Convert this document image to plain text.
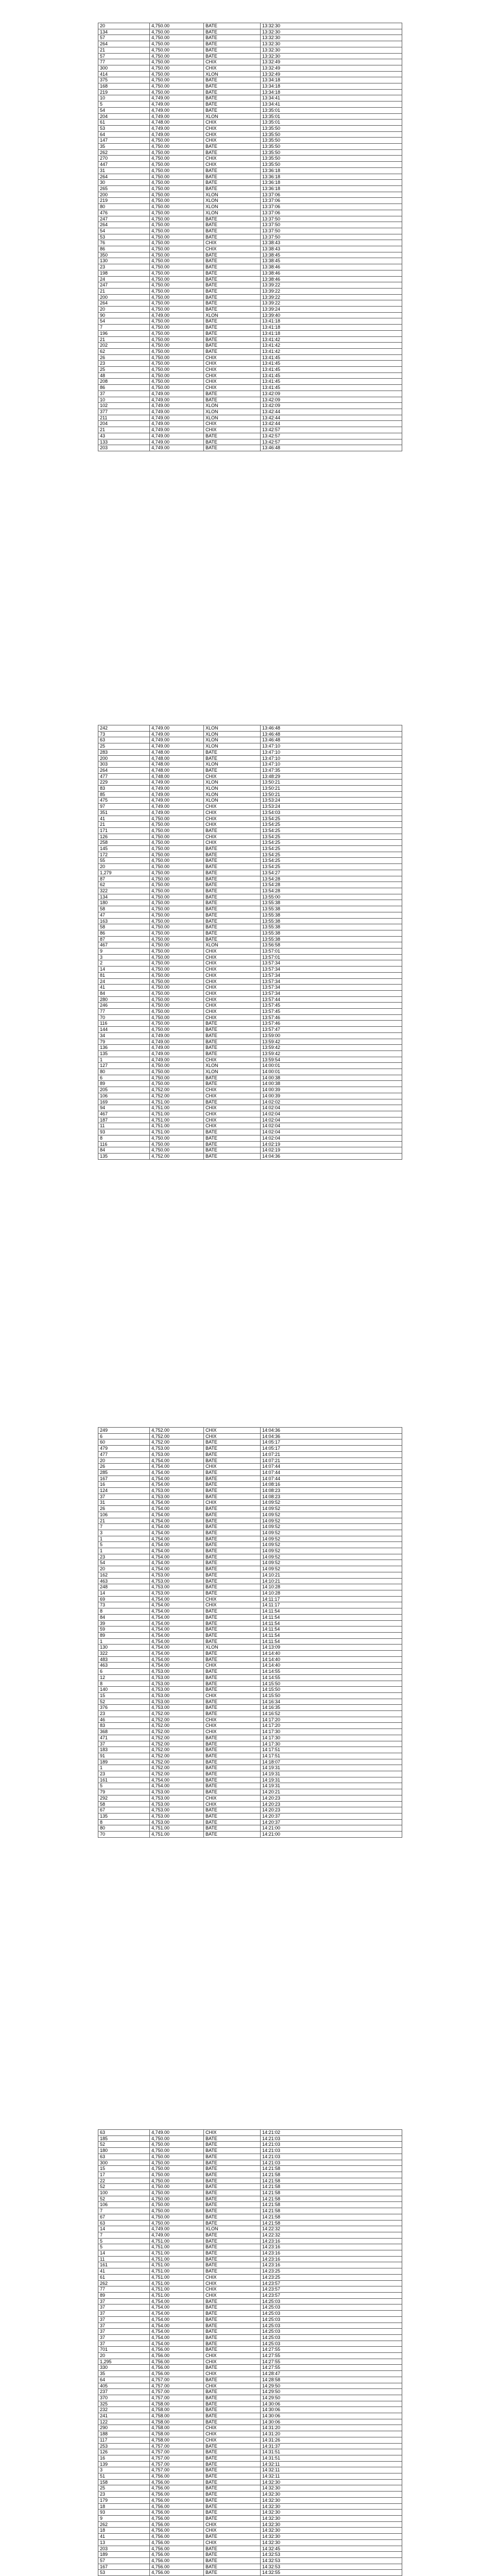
20	4,750.00	BATE	13:32:30
134	4,750.00	BATE	13:32:30
57	4,750.00	BATE	13:32:30
264	4,750.00	BATE	13:32:30
21	4,750.00	BATE	13:32:30
57	4,750.00	BATE	13:32:30
77	4,750.00	CHIX	13:32:49
300	4,750.00	CHIX	13:32:49
414	4,750.00	XLON	13:32:49
375	4,750.00	BATE	13:34:18
168	4,750.00	BATE	13:34:18
219	4,750.00	BATE	13:34:18
10	4,749.00	BATE	13:34:41
5	4,749.00	BATE	13:34:41
54	4,749.00	BATE	13:35:01
204	4,749.00	XLON	13:35:01
61	4,748.00	CHIX	13:35:01
53	4,749.00	CHIX	13:35:50
64	4,749.00	CHIX	13:35:50
147	4,750.00	CHIX	13:35:50
35	4,750.00	BATE	13:35:50
262	4,750.00	BATE	13:35:50
270	4,750.00	CHIX	13:35:50
447	4,750.00	CHIX	13:35:50
31	4,750.00	BATE	13:36:18
264	4,750.00	BATE	13:36:18
30	4,750.00	BATE	13:36:18
265	4,750.00	BATE	13:36:18
200	4,750.00	XLON	13:37:06
219	4,750.00	XLON	13:37:06
80	4,750.00	XLON	13:37:06
476	4,750.00	XLON	13:37:06
247	4,750.00	BATE	13:37:50
264	4,750.00	BATE	13:37:50
54	4,750.00	BATE	13:37:50
53	4,750.00	BATE	13:37:50
76	4,750.00	CHIX	13:38:43
86	4,750.00	CHIX	13:38:43
350	4,750.00	BATE	13:38:45
130	4,750.00	BATE	13:38:45
23	4,750.00	BATE	13:38:46
198	4,750.00	BATE	13:38:46
24	4,750.00	BATE	13:38:46
247	4,750.00	BATE	13:39:22
21	4,750.00	BATE	13:39:22
200	4,750.00	BATE	13:39:22
264	4,750.00	BATE	13:39:22
20	4,750.00	BATE	13:39:24
90	4,749.00	XLON	13:39:40
54	4,750.00	BATE	13:41:18
7	4,750.00	BATE	13:41:18
196	4,750.00	BATE	13:41:18
21	4,750.00	BATE	13:41:42
202	4,750.00	BATE	13:41:42
62	4,750.00	BATE	13:41:42
26	4,750.00	CHIX	13:41:45
23	4,750.00	CHIX	13:41:45
25	4,750.00	CHIX	13:41:45
48	4,750.00	CHIX	13:41:45
208	4,750.00	CHIX	13:41:45
86	4,750.00	CHIX	13:41:45
37	4,749.00	BATE	13:42:09
10	4,749.00	BATE	13:42:09
102	4,749.00	XLON	13:42:09
377	4,749.00	XLON	13:42:44
211	4,749.00	XLON	13:42:44
204	4,749.00	CHIX	13:42:44
21	4,749.00	CHIX	13:42:57
43	4,749.00	BATE	13:42:57
133	4,749.00	BATE	13:42:57
203	4,749.00	BATE	13:46:48
242	4,749.00	XLON	13:46:48
73	4,749.00	XLON	13:46:48
63	4,749.00	XLON	13:46:48
25	4,749.00	XLON	13:47:10
283	4,748.00	BATE	13:47:10
200	4,748.00	BATE	13:47:10
303	4,748.00	XLON	13:47:10
264	4,748.00	BATE	13:47:35
477	4,748.00	CHIX	13:48:29
229	4,749.00	XLON	13:50:21
83	4,749.00	XLON	13:50:21
85	4,749.00	XLON	13:50:21
475	4,749.00	XLON	13:53:24
97	4,749.00	CHIX	13:53:24
351	4,749.00	CHIX	13:54:03
41	4,750.00	CHIX	13:54:25
21	4,750.00	CHIX	13:54:25
171	4,750.00	BATE	13:54:25
126	4,750.00	CHIX	13:54:25
258	4,750.00	CHIX	13:54:25
145	4,750.00	BATE	13:54:25
172	4,750.00	BATE	13:54:25
55	4,750.00	BATE	13:54:25
20	4,750.00	BATE	13:54:25
1,279	4,750.00	BATE	13:54:27
87	4,750.00	BATE	13:54:28
62	4,750.00	BATE	13:54:28
322	4,750.00	BATE	13:54:28
134	4,750.00	BATE	13:55:00
180	4,750.00	BATE	13:55:38
58	4,750.00	BATE	13:55:38
47	4,750.00	BATE	13:55:38
163	4,750.00	BATE	13:55:38
58	4,750.00	BATE	13:55:38
86	4,750.00	BATE	13:55:38
87	4,750.00	BATE	13:55:38
467	4,750.00	XLON	13:56:58
9	4,750.00	CHIX	13:57:01
3	4,750.00	CHIX	13:57:01
2	4,750.00	CHIX	13:57:34
14	4,750.00	CHIX	13:57:34
81	4,750.00	CHIX	13:57:34
24	4,750.00	CHIX	13:57:34
41	4,750.00	CHIX	13:57:34
84	4,750.00	CHIX	13:57:34
280	4,750.00	CHIX	13:57:44
246	4,750.00	CHIX	13:57:45
77	4,750.00	CHIX	13:57:45
70	4,750.00	CHIX	13:57:46
116	4,750.00	BATE	13:57:46
144	4,750.00	BATE	13:57:47
34	4,749.00	BATE	13:59:00
79	4,749.00	BATE	13:59:42
136	4,749.00	BATE	13:59:42
135	4,749.00	BATE	13:59:42
1	4,749.00	CHIX	13:59:54
127	4,750.00	XLON	14:00:01
80	4,750.00	XLON	14:00:01
6	4,750.00	BATE	14:00:38
89	4,750.00	BATE	14:00:38
205	4,752.00	CHIX	14:00:39
106	4,752.00	CHIX	14:00:39
169	4,751.00	BATE	14:02:02
94	4,751.00	CHIX	14:02:04
467	4,751.00	CHIX	14:02:04
187	4,751.00	CHIX	14:02:04
11	4,751.00	CHIX	14:02:04
93	4,751.00	BATE	14:02:04
8	4,750.00	BATE	14:02:04
116	4,750.00	BATE	14:02:19
84	4,750.00	BATE	14:02:19
135	4,752.00	BATE	14:04:36
249	4,752.00	CHIX	14:04:36
6	4,752.00	CHIX	14:04:36
60	4,752.00	BATE	14:05:17
479	4,753.00	BATE	14:05:17
477	4,753.00	BATE	14:07:21
20	4,754.00	BATE	14:07:21
26	4,754.00	CHIX	14:07:44
285	4,754.00	BATE	14:07:44
167	4,754.00	BATE	14:07:44
16	4,754.00	BATE	14:08:16
124	4,753.00	BATE	14:08:23
37	4,753.00	BATE	14:08:23
31	4,754.00	CHIX	14:09:52
26	4,754.00	BATE	14:09:52
106	4,754.00	BATE	14:09:52
21	4,754.00	BATE	14:09:52
7	4,754.00	BATE	14:09:52
3	4,754.00	BATE	14:09:52
1	4,754.00	BATE	14:09:52
5	4,754.00	BATE	14:09:52
1	4,754.00	BATE	14:09:52
23	4,754.00	BATE	14:09:52
54	4,754.00	BATE	14:09:52
20	4,754.00	BATE	14:09:52
162	4,753.00	BATE	14:10:21
463	4,753.00	BATE	14:10:21
248	4,753.00	BATE	14:10:28
14	4,753.00	BATE	14:10:28
69	4,754.00	CHIX	14:11:17
73	4,754.00	CHIX	14:11:17
8	4,754.00	BATE	14:11:54
84	4,754.00	BATE	14:11:54
39	4,754.00	BATE	14:11:54
59	4,754.00	BATE	14:11:54
89	4,754.00	BATE	14:11:54
1	4,754.00	BATE	14:11:54
130	4,754.00	XLON	14:13:09
322	4,754.00	BATE	14:14:40
483	4,754.00	BATE	14:14:40
463	4,754.00	CHIX	14:14:40
6	4,753.00	BATE	14:14:55
12	4,753.00	BATE	14:14:55
8	4,753.00	BATE	14:15:50
140	4,753.00	BATE	14:15:50
15	4,753.00	CHIX	14:15:50
52	4,753.00	BATE	14:16:34
376	4,753.00	BATE	14:16:35
23	4,752.00	BATE	14:16:52
46	4,752.00	CHIX	14:17:20
83	4,752.00	CHIX	14:17:20
368	4,752.00	CHIX	14:17:30
471	4,752.00	BATE	14:17:30
37	4,752.00	BATE	14:17:30
183	4,752.00	BATE	14:17:51
91	4,752.00	BATE	14:17:51
189	4,752.00	BATE	14:18:07
1	4,752.00	BATE	14:19:31
23	4,752.00	BATE	14:19:31
161	4,754.00	BATE	14:19:31
5	4,754.00	BATE	14:19:31
79	4,753.00	BATE	14:20:21
292	4,753.00	CHIX	14:20:23
58	4,753.00	CHIX	14:20:23
67	4,753.00	BATE	14:20:23
135	4,753.00	BATE	14:20:37
8	4,753.00	BATE	14:20:37
80	4,751.00	BATE	14:21:00
70	4,751.00	BATE	14:21:00
63	4,749.00	CHIX	14:21:02
185	4,750.00	BATE	14:21:03
52	4,750.00	BATE	14:21:03
180	4,750.00	BATE	14:21:03
63	4,750.00	BATE	14:21:03
300	4,750.00	BATE	14:21:03
15	4,750.00	BATE	14:21:58
17	4,750.00	BATE	14:21:58
22	4,750.00	BATE	14:21:58
52	4,750.00	BATE	14:21:58
100	4,750.00	BATE	14:21:58
52	4,750.00	BATE	14:21:58
106	4,750.00	BATE	14:21:58
7	4,750.00	BATE	14:21:58
67	4,750.00	BATE	14:21:58
63	4,750.00	BATE	14:21:58
14	4,749.00	XLON	14:22:32
7	4,749.00	BATE	14:22:32
5	4,751.00	BATE	14:23:16
5	4,751.00	BATE	14:23:16
14	4,751.00	BATE	14:23:16
11	4,751.00	BATE	14:23:16
161	4,751.00	BATE	14:23:16
41	4,751.00	BATE	14:23:25
61	4,751.00	CHIX	14:23:25
262	4,751.00	CHIX	14:23:57
77	4,751.00	CHIX	14:23:57
89	4,751.00	CHIX	14:23:57
37	4,754.00	BATE	14:25:03
37	4,754.00	BATE	14:25:03
37	4,754.00	BATE	14:25:03
37	4,754.00	BATE	14:25:03
37	4,754.00	BATE	14:25:03
37	4,754.00	BATE	14:25:03
37	4,754.00	BATE	14:25:03
37	4,754.00	BATE	14:25:03
701	4,756.00	BATE	14:27:55
20	4,756.00	CHIX	14:27:55
1,295	4,756.00	CHIX	14:27:55
330	4,756.00	BATE	14:27:55
35	4,756.00	CHIX	14:28:47
64	4,757.00	BATE	14:28:58
405	4,757.00	CHIX	14:29:50
237	4,757.00	BATE	14:29:50
370	4,757.00	BATE	14:29:50
325	4,758.00	BATE	14:30:06
232	4,758.00	BATE	14:30:06
241	4,758.00	BATE	14:30:06
122	4,758.00	BATE	14:30:06
290	4,758.00	CHIX	14:31:20
188	4,758.00	CHIX	14:31:20
117	4,758.00	CHIX	14:31:26
253	4,757.00	BATE	14:31:37
126	4,757.00	BATE	14:31:51
16	4,757.00	BATE	14:31:51
139	4,757.00	BATE	14:32:11
3	4,757.00	BATE	14:32:11
51	4,756.00	BATE	14:32:11
158	4,756.00	BATE	14:32:30
25	4,756.00	BATE	14:32:30
23	4,756.00	BATE	14:32:30
179	4,756.00	BATE	14:32:30
18	4,756.00	BATE	14:32:30
93	4,756.00	BATE	14:32:30
9	4,756.00	BATE	14:32:30
262	4,756.00	CHIX	14:32:30
18	4,756.00	CHIX	14:32:30
41	4,756.00	BATE	14:32:30
13	4,756.00	CHIX	14:32:30
203	4,756.00	BATE	14:32:45
189	4,756.00	BATE	14:32:53
57	4,756.00	BATE	14:32:53
167	4,756.00	BATE	14:32:53
53	4,756.00	BATE	14:32:55
